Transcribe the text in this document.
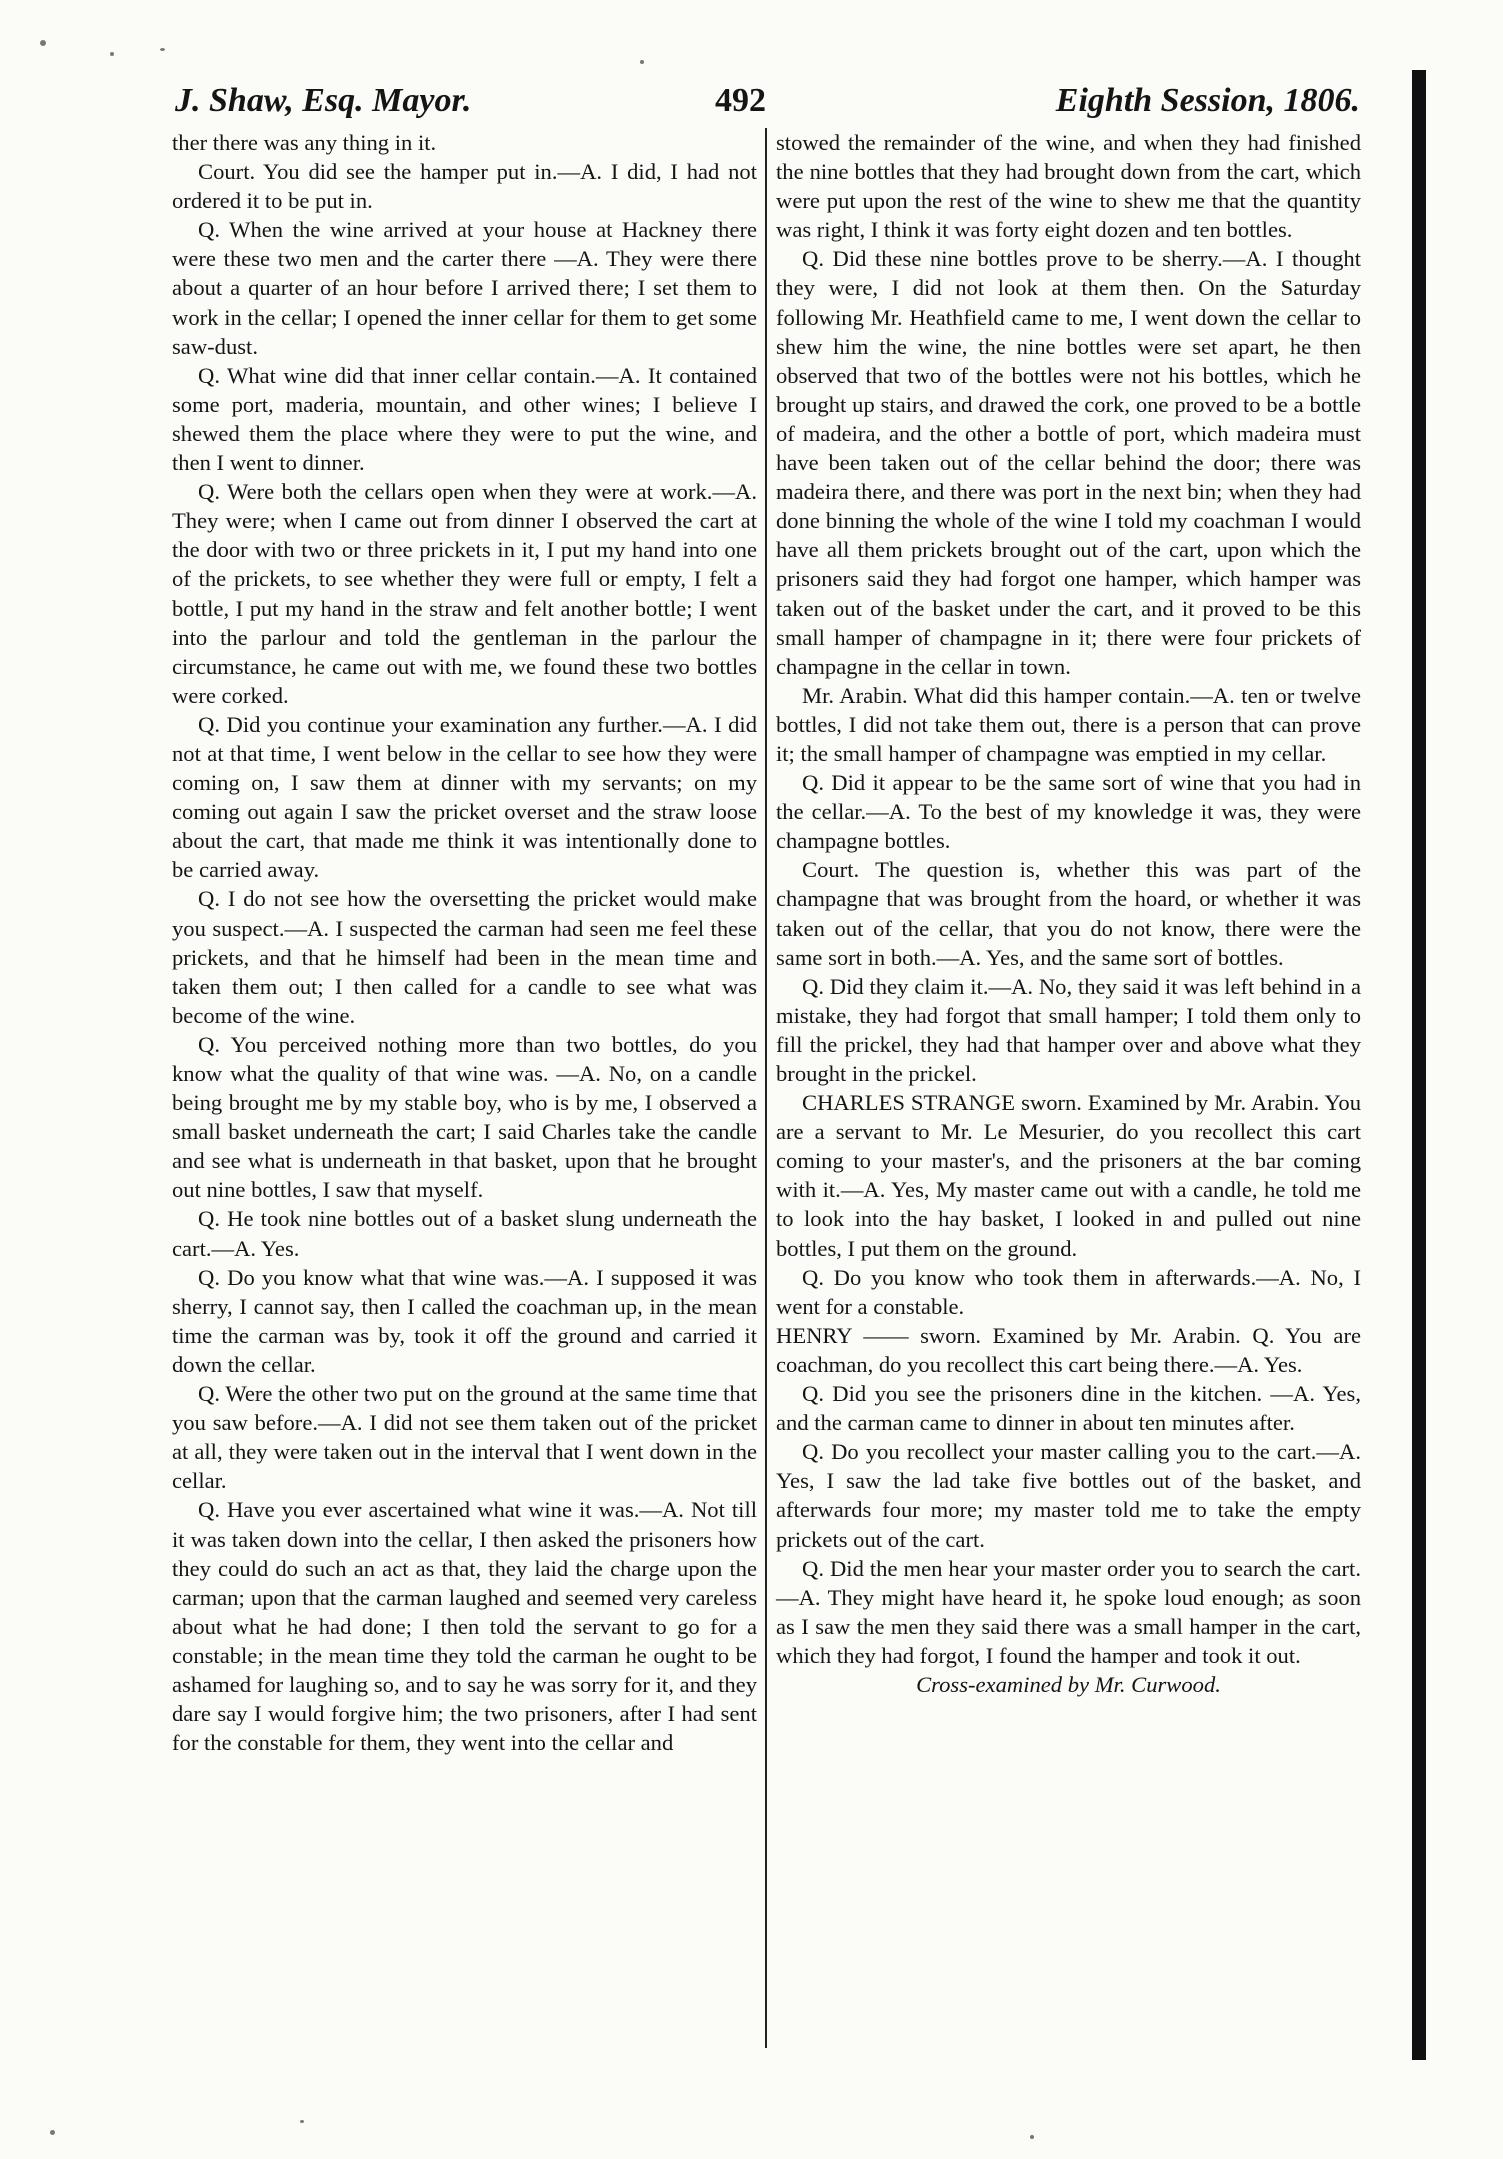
J. Shaw, Esq. Mayor.	492	Eighth Session, 1806.

ther there was any thing in it.

Court. You did see the hamper put in.—A. I did, I had not ordered it to be put in.

Q. When the wine arrived at your house at Hackney there were these two men and the carter there —A. They were there about a quarter of an hour before I arrived there; I set them to work in the cellar; I opened the inner cellar for them to get some saw-dust.

Q. What wine did that inner cellar contain.—A. It contained some port, maderia, mountain, and other wines; I believe I shewed them the place where they were to put the wine, and then I went to dinner.

Q. Were both the cellars open when they were at work.—A. They were; when I came out from dinner I observed the cart at the door with two or three prickets in it, I put my hand into one of the prickets, to see whether they were full or empty, I felt a bottle, I put my hand in the straw and felt another bottle; I went into the parlour and told the gentleman in the parlour the circumstance, he came out with me, we found these two bottles were corked.

Q. Did you continue your examination any further.—A. I did not at that time, I went below in the cellar to see how they were coming on, I saw them at dinner with my servants; on my coming out again I saw the pricket overset and the straw loose about the cart, that made me think it was intentionally done to be carried away.

Q. I do not see how the oversetting the pricket would make you suspect.—A. I suspected the carman had seen me feel these prickets, and that he himself had been in the mean time and taken them out; I then called for a candle to see what was become of the wine.

Q. You perceived nothing more than two bottles, do you know what the quality of that wine was. —A. No, on a candle being brought me by my stable boy, who is by me, I observed a small basket underneath the cart; I said Charles take the candle and see what is underneath in that basket, upon that he brought out nine bottles, I saw that myself.

Q. He took nine bottles out of a basket slung underneath the cart.—A. Yes.

Q. Do you know what that wine was.—A. I supposed it was sherry, I cannot say, then I called the coachman up, in the mean time the carman was by, took it off the ground and carried it down the cellar.

Q. Were the other two put on the ground at the same time that you saw before.—A. I did not see them taken out of the pricket at all, they were taken out in the interval that I went down in the cellar.

Q. Have you ever ascertained what wine it was.—A. Not till it was taken down into the cellar, I then asked the prisoners how they could do such an act as that, they laid the charge upon the carman; upon that the carman laughed and seemed very careless about what he had done; I then told the servant to go for a constable; in the mean time they told the carman he ought to be ashamed for laughing so, and to say he was sorry for it, and they dare say I would forgive him; the two prisoners, after I had sent for the constable for them, they went into the cellar and

stowed the remainder of the wine, and when they had finished the nine bottles that they had brought down from the cart, which were put upon the rest of the wine to shew me that the quantity was right, I think it was forty eight dozen and ten bottles.

Q. Did these nine bottles prove to be sherry.—A. I thought they were, I did not look at them then. On the Saturday following Mr. Heathfield came to me, I went down the cellar to shew him the wine, the nine bottles were set apart, he then observed that two of the bottles were not his bottles, which he brought up stairs, and drawed the cork, one proved to be a bottle of madeira, and the other a bottle of port, which madeira must have been taken out of the cellar behind the door; there was madeira there, and there was port in the next bin; when they had done binning the whole of the wine I told my coachman I would have all them prickets brought out of the cart, upon which the prisoners said they had forgot one hamper, which hamper was taken out of the basket under the cart, and it proved to be this small hamper of champagne in it; there were four prickets of champagne in the cellar in town.

Mr. Arabin. What did this hamper contain.—A. ten or twelve bottles, I did not take them out, there is a person that can prove it; the small hamper of champagne was emptied in my cellar.

Q. Did it appear to be the same sort of wine that you had in the cellar.—A. To the best of my knowledge it was, they were champagne bottles.

Court. The question is, whether this was part of the champagne that was brought from the hoard, or whether it was taken out of the cellar, that you do not know, there were the same sort in both.—A. Yes, and the same sort of bottles.

Q. Did they claim it.—A. No, they said it was left behind in a mistake, they had forgot that small hamper; I told them only to fill the prickel, they had that hamper over and above what they brought in the prickel.

CHARLES STRANGE sworn. Examined by Mr. Arabin. You are a servant to Mr. Le Mesurier, do you recollect this cart coming to your master's, and the prisoners at the bar coming with it.—A. Yes, My master came out with a candle, he told me to look into the hay basket, I looked in and pulled out nine bottles, I put them on the ground.

Q. Do you know who took them in afterwards.—A. No, I went for a constable.

HENRY —— sworn. Examined by Mr. Arabin. Q. You are coachman, do you recollect this cart being there.—A. Yes.

Q. Did you see the prisoners dine in the kitchen. —A. Yes, and the carman came to dinner in about ten minutes after.

Q. Do you recollect your master calling you to the cart.—A. Yes, I saw the lad take five bottles out of the basket, and afterwards four more; my master told me to take the empty prickets out of the cart.

Q. Did the men hear your master order you to search the cart.—A. They might have heard it, he spoke loud enough; as soon as I saw the men they said there was a small hamper in the cart, which they had forgot, I found the hamper and took it out.

Cross-examined by Mr. Curwood.
